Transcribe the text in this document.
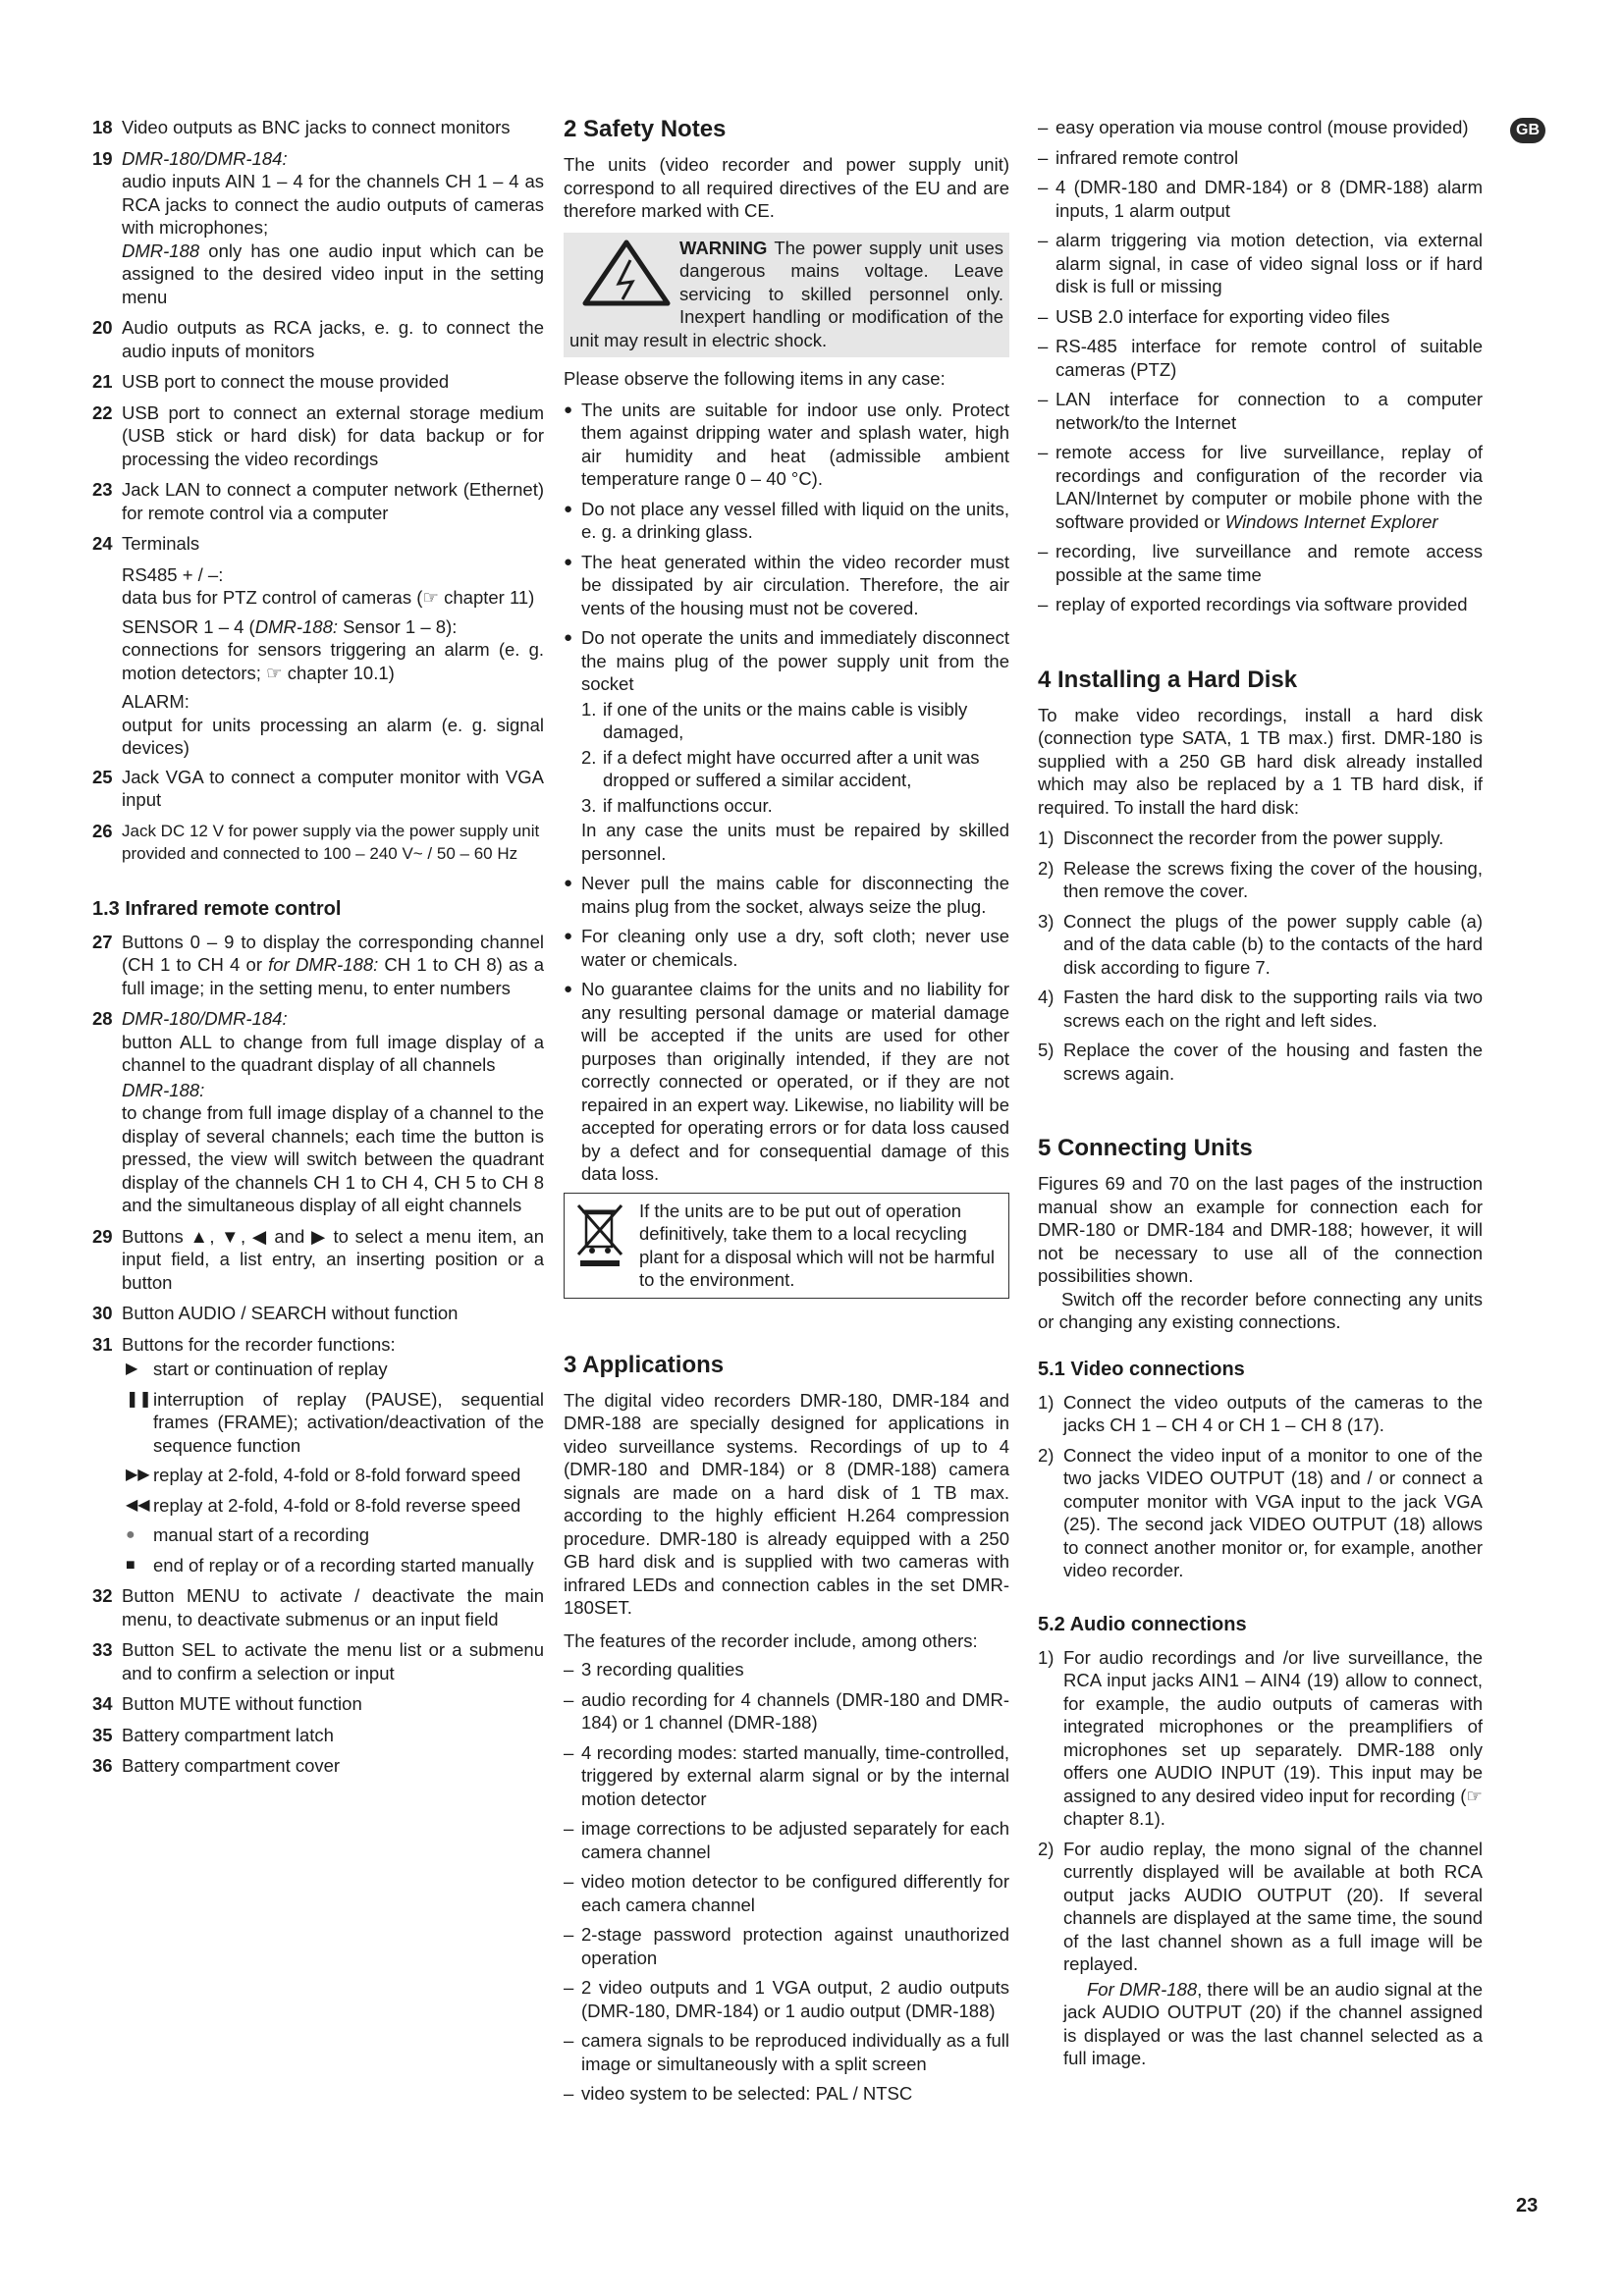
18 Video outputs as BNC jacks to connect monitors

19 DMR-180/DMR-184:

audio inputs AIN 1 – 4 for the channels CH 1 – 4 as RCA jacks to connect the audio outputs of cameras with microphones;

DMR-188 only has one audio input which can be assigned to the desired video input in the setting menu

20 Audio outputs as RCA jacks, e. g. to connect the audio inputs of monitors

21 USB port to connect the mouse provided

22 USB port to connect an external storage medium (USB stick or hard disk) for data backup or for processing the video recordings

23 Jack LAN to connect a computer network (Ethernet) for remote control via a computer

24 Terminals

RS485 + / –:

data bus for PTZ control of cameras (☞ chapter 11)

SENSOR 1 – 4 (DMR-188: Sensor 1 – 8):

connections for sensors triggering an alarm (e. g. motion detectors; ☞ chapter 10.1)

ALARM:

output for units processing an alarm (e. g. signal devices)

25 Jack VGA to connect a computer monitor with VGA input

26 Jack DC 12 V for power supply via the power supply unit provided and connected to 100 – 240 V~ / 50 – 60 Hz

1.3 Infrared remote control
27 Buttons 0 – 9 to display the corresponding channel (CH 1 to CH 4 or for DMR-188: CH 1 to CH 8) as a full image; in the setting menu, to enter numbers

28 DMR-180/DMR-184:

button ALL to change from full image display of a channel to the quadrant display of all channels

DMR-188:

to change from full image display of a channel to the display of several channels; each time the button is pressed, the view will switch between the quadrant display of the channels CH 1 to CH 4, CH 5 to CH 8 and the simultaneous display of all eight channels

29 Buttons ▲, ▼, ◀ and ▶ to select a menu item, an input field, a list entry, an inserting position or a button

30 Button AUDIO / SEARCH without function

31 Buttons for the recorder functions:

▶ start or continuation of replay
❚❚ interruption of replay (PAUSE), sequential frames (FRAME); activation/deactivation of the sequence function
▶▶ replay at 2-fold, 4-fold or 8-fold forward speed
◀◀ replay at 2-fold, 4-fold or 8-fold reverse speed
● manual start of a recording
■ end of replay or of a recording started manually
32 Button MENU to activate / deactivate the main menu, to deactivate submenus or an input field

33 Button SEL to activate the menu list or a submenu and to confirm a selection or input

34 Button MUTE without function

35 Battery compartment latch

36 Battery compartment cover

2 Safety Notes

The units (video recorder and power supply unit) correspond to all required directives of the EU and are therefore marked with CE.

WARNING The power supply unit uses dangerous mains voltage. Leave servicing to skilled personnel only. Inexpert handling or modification of the unit may result in electric shock.

Please observe the following items in any case:

● The units are suitable for indoor use only. Protect them against dripping water and splash water, high air humidity and heat (admissible ambient temperature range 0 – 40 °C).
● Do not place any vessel filled with liquid on the units, e. g. a drinking glass.
● The heat generated within the video recorder must be dissipated by air circulation. Therefore, the air vents of the housing must not be covered.
● Do not operate the units and immediately disconnect the mains plug of the power supply unit from the socket
1. if one of the units or the mains cable is visibly damaged,
2. if a defect might have occurred after a unit was dropped or suffered a similar accident,
3. if malfunctions occur.

In any case the units must be repaired by skilled personnel.

● Never pull the mains cable for disconnecting the mains plug from the socket, always seize the plug.
● For cleaning only use a dry, soft cloth; never use water or chemicals.
● No guarantee claims for the units and no liability for any resulting personal damage or material damage will be accepted if the units are used for other purposes than originally intended, if they are not correctly connected or operated, or if they are not repaired in an expert way. Likewise, no liability will be accepted for operating errors or for data loss caused by a defect and for consequential damage of this data loss.

If the units are to be put out of operation definitively, take them to a local recycling plant for a disposal which will not be harmful to the environment.

3 Applications

The digital video recorders DMR-180, DMR-184 and DMR-188 are specially designed for applications in video surveillance systems. Recordings of up to 4 (DMR-180 and DMR-184) or 8 (DMR-188) camera signals are made on a hard disk of 1 TB max. according to the highly efficient H.264 compression procedure. DMR-180 is already equipped with a 250 GB hard disk and is supplied with two cameras with infrared LEDs and connection cables in the set DMR-180SET.

The features of the recorder include, among others:

– 3 recording qualities
– audio recording for 4 channels (DMR-180 and DMR-184) or 1 channel (DMR-188)
– 4 recording modes: started manually, time-controlled, triggered by external alarm signal or by the internal motion detector
– image corrections to be adjusted separately for each camera channel
– video motion detector to be configured differently for each camera channel
– 2-stage password protection against unauthorized operation
– 2 video outputs and 1 VGA output, 2 audio outputs (DMR-180, DMR-184) or 1 audio output (DMR-188)
– camera signals to be reproduced individually as a full image or simultaneously with a split screen
– video system to be selected: PAL / NTSC
– easy operation via mouse control (mouse provided)
– infrared remote control
– 4 (DMR-180 and DMR-184) or 8 (DMR-188) alarm inputs, 1 alarm output
– alarm triggering via motion detection, via external alarm signal, in case of video signal loss or if hard disk is full or missing
– USB 2.0 interface for exporting video files
– RS-485 interface for remote control of suitable cameras (PTZ)
– LAN interface for connection to a computer network/to the Internet
– remote access for live surveillance, replay of recordings and configuration of the recorder via LAN/Internet by computer or mobile phone with the software provided or Windows Internet Explorer
– recording, live surveillance and remote access possible at the same time
– replay of exported recordings via software provided
4 Installing a Hard Disk

To make video recordings, install a hard disk (connection type SATA, 1 TB max.) first. DMR-180 is supplied with a 250 GB hard disk already installed which may also be replaced by a 1 TB hard disk, if required. To install the hard disk:

1) Disconnect the recorder from the power supply.
2) Release the screws fixing the cover of the housing, then remove the cover.
3) Connect the plugs of the power supply cable (a) and of the data cable (b) to the contacts of the hard disk according to figure 7.
4) Fasten the hard disk to the supporting rails via two screws each on the right and left sides.
5) Replace the cover of the housing and fasten the screws again.
5 Connecting Units

Figures 69 and 70 on the last pages of the instruction manual show an example for connection each for DMR-180 or DMR-184 and DMR-188; however, it will not be necessary to use all of the connection possibilities shown.

Switch off the recorder before connecting any units or changing any existing connections.

5.1 Video connections
1) Connect the video outputs of the cameras to the jacks CH 1 – CH 4 or CH 1 – CH 8 (17).
2) Connect the video input of a monitor to one of the two jacks VIDEO OUTPUT (18) and / or connect a computer monitor with VGA input to the jack VGA (25). The second jack VIDEO OUTPUT (18) allows to connect another monitor or, for example, another video recorder.
5.2 Audio connections
1) For audio recordings and /or live surveillance, the RCA input jacks AIN1 – AIN4 (19) allow to connect, for example, the audio outputs of cameras with integrated microphones or the preamplifiers of microphones set up separately. DMR-188 only offers one AUDIO INPUT (19). This input may be assigned to any desired video input for recording (☞ chapter 8.1).
2) For audio replay, the mono signal of the channel currently displayed will be available at both RCA output jacks AUDIO OUTPUT (20). If several channels are displayed at the same time, the sound of the last channel shown as a full image will be replayed.

For DMR-188, there will be an audio signal at the jack AUDIO OUTPUT (20) if the channel assigned is displayed or was the last channel selected as a full image.

GB
23
